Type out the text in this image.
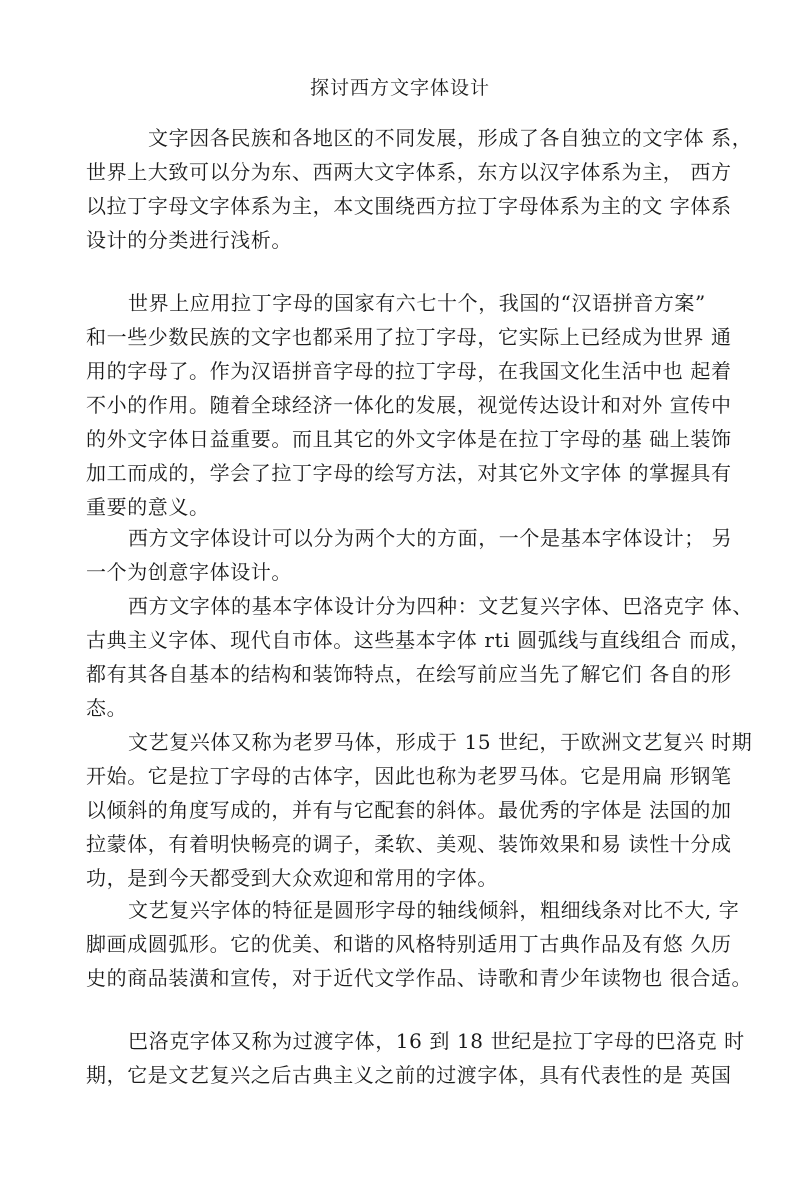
探讨西方文字体设计
文字因各民族和各地区的不同发展，形成了各自独立的文字体 系，
世界上大致可以分为东、西两大文字体系，东方以汉字体系为主， 西方
以拉丁字母文字体系为主，本文围绕西方拉丁字母体系为主的文 字体系
设计的分类进行浅析。
世界上应用拉丁字母的国家有六七十个，我国的“汉语拼音方案”
和一些少数民族的文字也都采用了拉丁字母，它实际上已经成为世界 通
用的字母了。作为汉语拼音字母的拉丁字母，在我国文化生活中也 起着
不小的作用。随着全球经济一体化的发展，视觉传达设计和对外 宣传中
的外文字体日益重要。而且其它的外文字体是在拉丁字母的基 础上装饰
加工而成的，学会了拉丁字母的绘写方法，对其它外文字体 的掌握具有
重要的意义。
西方文字体设计可以分为两个大的方面，一个是基本字体设计； 另
一个为创意字体设计。
西方文字体的基本字体设计分为四种：文艺复兴字体、巴洛克字 体、
古典主义字体、现代自市体。这些基本字体 rti 圆弧线与直线组合 而成，
都有其各自基本的结构和装饰特点，在绘写前应当先了解它们 各自的形
态。
文艺复兴体又称为老罗马体，形成于 15 世纪，于欧洲文艺复兴 时期
开始。它是拉丁字母的古体字，因此也称为老罗马体。它是用扁 形钢笔
以倾斜的角度写成的，并有与它配套的斜体。最优秀的字体是 法国的加
拉蒙体，有着明快畅亮的调子，柔软、美观、装饰效果和易 读性十分成
功，是到今天都受到大众欢迎和常用的字体。
文艺复兴字体的特征是圆形字母的轴线倾斜，粗细线条对比不大, 字
脚画成圆弧形。它的优美、和谐的风格特别适用丁古典作品及有悠 久历
史的商品装潢和宣传，对于近代文学作品、诗歌和青少年读物也 很合适。
巴洛克字体又称为过渡字体，16 到 18 世纪是拉丁字母的巴洛克 时
期，它是文艺复兴之后古典主义之前的过渡字体，具有代表性的是 英国
